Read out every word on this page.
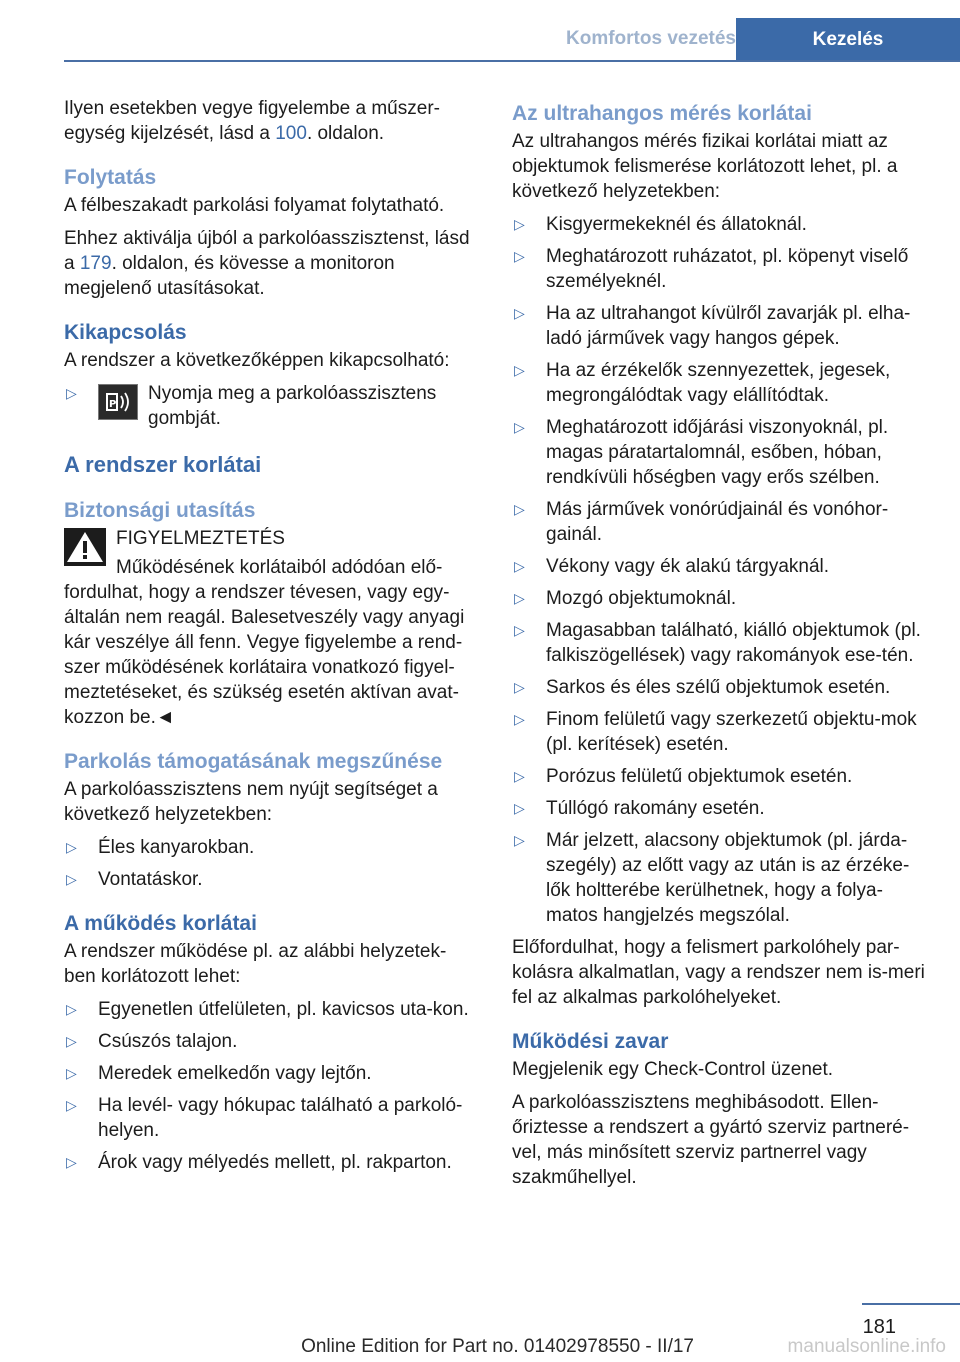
Komfortos vezetés	Kezelés

Ilyen esetekben vegye figyelembe a műszer-egység kijelzését, lásd a 100. oldalon.

Folytatás

A félbeszakadt parkolási folyamat folytatható.

Ehhez aktiválja újból a parkolóasszisztenst, lásd a 179. oldalon, és kövesse a monitoron megjelenő utasításokat.

Kikapcsolás

A rendszer a következőképpen kikapcsolható:

▷
P
Nyomja meg a parkolóasszisztens gombját.
A rendszer korlátai
Biztonsági utasítás

FIGYELMEZTETÉS

Működésének korlátaiból adódóan elő-

fordulhat, hogy a rendszer tévesen, vagy egy-általán nem reagál. Balesetveszély vagy anyagi kár veszélye áll fenn. Vegye figyelembe a rend-szer működésének korlátaira vonatkozó figyel-meztetéseket, és szükség esetén aktívan avat-kozzon be.◄

Parkolás támogatásának megszűnése

A parkolóasszisztens nem nyújt segítséget a következő helyzetekben:

▷ Éles kanyarokban.
▷ Vontatáskor.
A működés korlátai

A rendszer működése pl. az alábbi helyzetek-ben korlátozott lehet:

▷ Egyenetlen útfelületen, pl. kavicsos uta-kon.
▷ Csúszós talajon.
▷ Meredek emelkedőn vagy lejtőn.
▷ Ha levél- vagy hókupac található a parkoló-helyen.
▷ Árok vagy mélyedés mellett, pl. rakparton.
Az ultrahangos mérés korlátai

Az ultrahangos mérés fizikai korlátai miatt az objektumok felismerése korlátozott lehet, pl. a következő helyzetekben:

▷ Kisgyermekeknél és állatoknál.
▷ Meghatározott ruházatot, pl. köpenyt viselő személyeknél.
▷ Ha az ultrahangot kívülről zavarják pl. elha-ladó járművek vagy hangos gépek.
▷ Ha az érzékelők szennyezettek, jegesek, megrongálódtak vagy elállítódtak.
▷ Meghatározott időjárási viszonyoknál, pl. magas páratartalomnál, esőben, hóban, rendkívüli hőségben vagy erős szélben.
▷ Más járművek vonórúdjainál és vonóhor-gainál.
▷ Vékony vagy ék alakú tárgyaknál.
▷ Mozgó objektumoknál.
▷ Magasabban található, kiálló objektumok (pl. falkiszögellések) vagy rakományok ese-tén.
▷ Sarkos és éles szélű objektumok esetén.
▷ Finom felületű vagy szerkezetű objektu-mok (pl. kerítések) esetén.
▷ Porózus felületű objektumok esetén.
▷ Túllógó rakomány esetén.
▷ Már jelzett, alacsony objektumok (pl. járda-szegély) az előtt vagy az után is az érzéke-lők holtterébe kerülhetnek, hogy a folya-matos hangjelzés megszólal.

Előfordulhat, hogy a felismert parkolóhely par-kolásra alkalmatlan, vagy a rendszer nem is-meri fel az alkalmas parkolóhelyeket.

Működési zavar

Megjelenik egy Check-Control üzenet.

A parkolóasszisztens meghibásodott. Ellen-őriztesse a rendszert a gyártó szerviz partneré-vel, más minősített szerviz partnerrel vagy szakműhellyel.

181
Online Edition for Part no. 01402978550 - II/17	manualsonline.info
